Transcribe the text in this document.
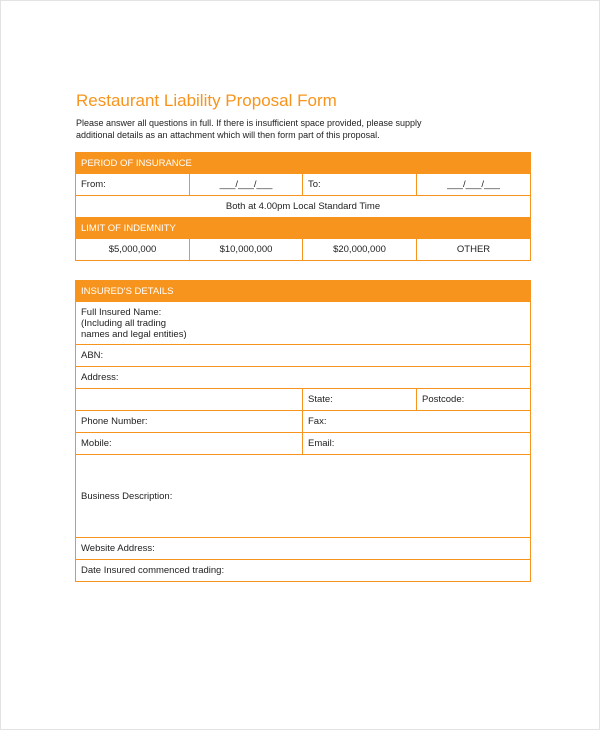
Restaurant Liability Proposal Form
Please answer all questions in full. If there is insufficient space provided, please supply additional details as an attachment which will then form part of this proposal.
PERIOD OF INSURANCE			
From:	___/___/___	To:	___/___/___
Both at 4.00pm Local Standard Time			
LIMIT OF INDEMNITY			
$5,000,000	$10,000,000	$20,000,000	OTHER
INSURED'S DETAILS		

Full Insured Name:
(Including all trading names and legal entities)		

ABN:		
Address:		
	State:	Postcode:
Phone Number:	Fax:	
Mobile:	Email:	
Business Description:		
Website Address:		
Date Insured commenced trading:		
